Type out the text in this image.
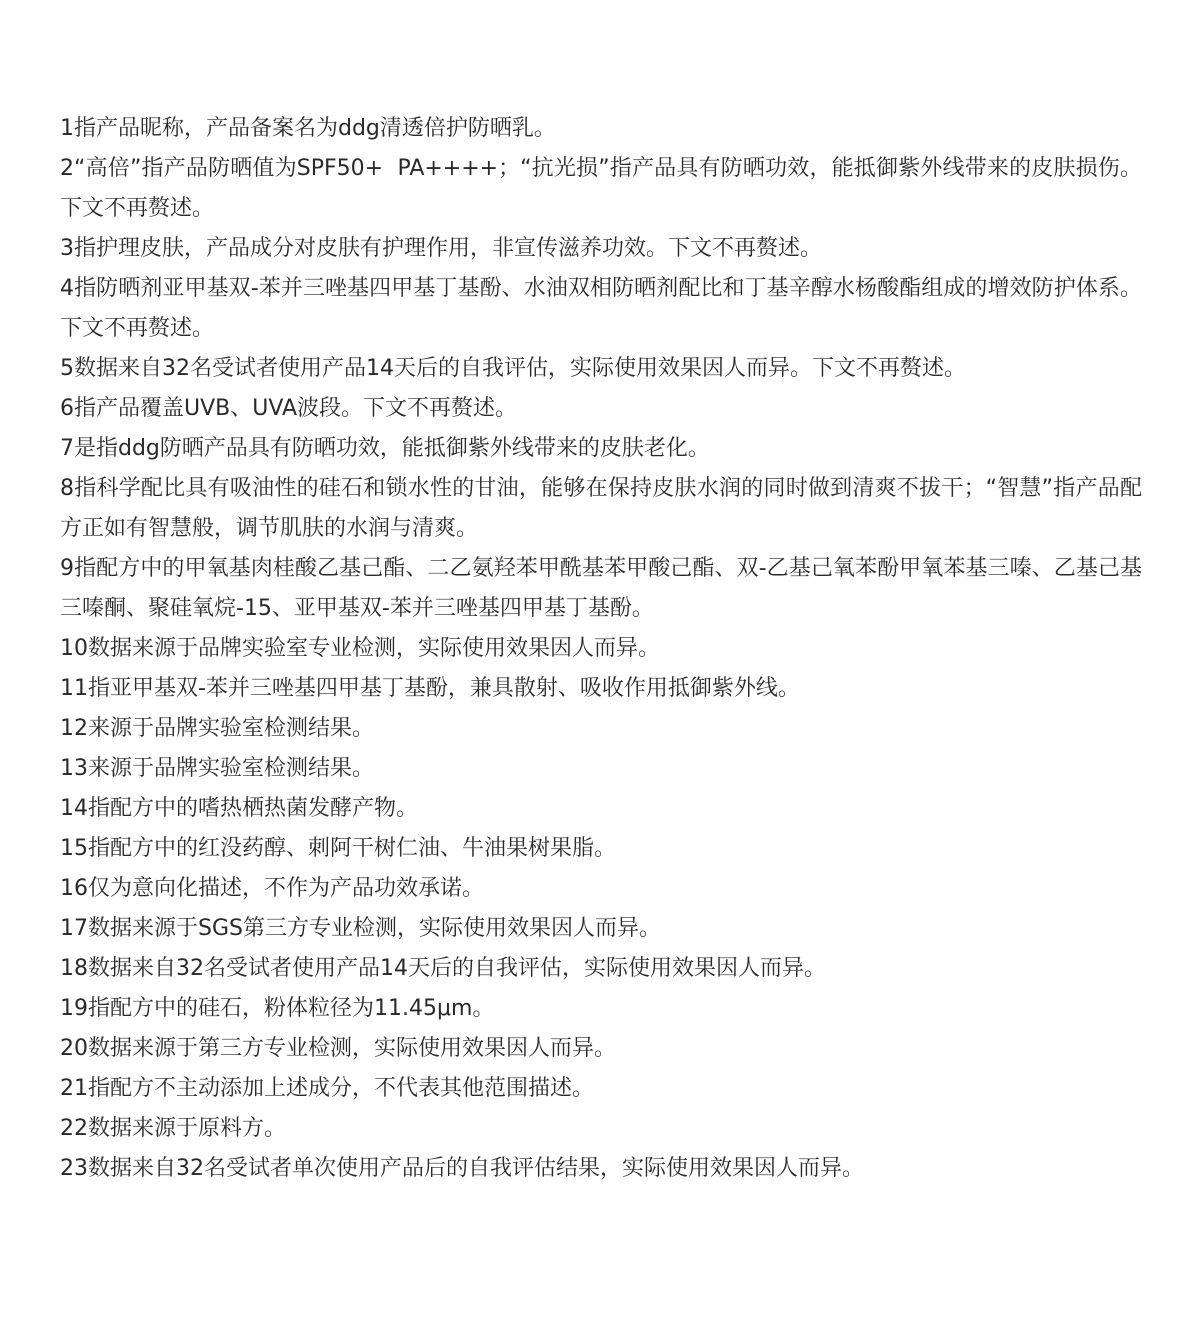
1指产品昵称，产品备案名为ddg清透倍护防晒乳。
2“高倍”指产品防晒值为SPF50+  PA++++；“抗光损”指产品具有防晒功效，能抵御紫外线带来的皮肤损伤。下文不再赘述。
3指护理皮肤，产品成分对皮肤有护理作用，非宣传滋养功效。下文不再赘述。
4指防晒剂亚甲基双-苯并三唑基四甲基丁基酚、水油双相防晒剂配比和丁基辛醇水杨酸酯组成的增效防护体系。下文不再赘述。
5数据来自32名受试者使用产品14天后的自我评估，实际使用效果因人而异。下文不再赘述。
6指产品覆盖UVB、UVA波段。下文不再赘述。
7是指ddg防晒产品具有防晒功效，能抵御紫外线带来的皮肤老化。
8指科学配比具有吸油性的硅石和锁水性的甘油，能够在保持皮肤水润的同时做到清爽不拔干；“智慧”指产品配方正如有智慧般，调节肌肤的水润与清爽。
9指配方中的甲氧基肉桂酸乙基己酯、二乙氨羟苯甲酰基苯甲酸己酯、双-乙基己氧苯酚甲氧苯基三嗪、乙基己基三嗪酮、聚硅氧烷-15、亚甲基双-苯并三唑基四甲基丁基酚。
10数据来源于品牌实验室专业检测，实际使用效果因人而异。
11指亚甲基双-苯并三唑基四甲基丁基酚，兼具散射、吸收作用抵御紫外线。
12来源于品牌实验室检测结果。
13来源于品牌实验室检测结果。
14指配方中的嗜热栖热菌发酵产物。
15指配方中的红没药醇、刺阿干树仁油、牛油果树果脂。
16仅为意向化描述，不作为产品功效承诺。
17数据来源于SGS第三方专业检测，实际使用效果因人而异。
18数据来自32名受试者使用产品14天后的自我评估，实际使用效果因人而异。
19指配方中的硅石，粉体粒径为11.45μm。
20数据来源于第三方专业检测，实际使用效果因人而异。
21指配方不主动添加上述成分，不代表其他范围描述。
22数据来源于原料方。
23数据来自32名受试者单次使用产品后的自我评估结果，实际使用效果因人而异。
